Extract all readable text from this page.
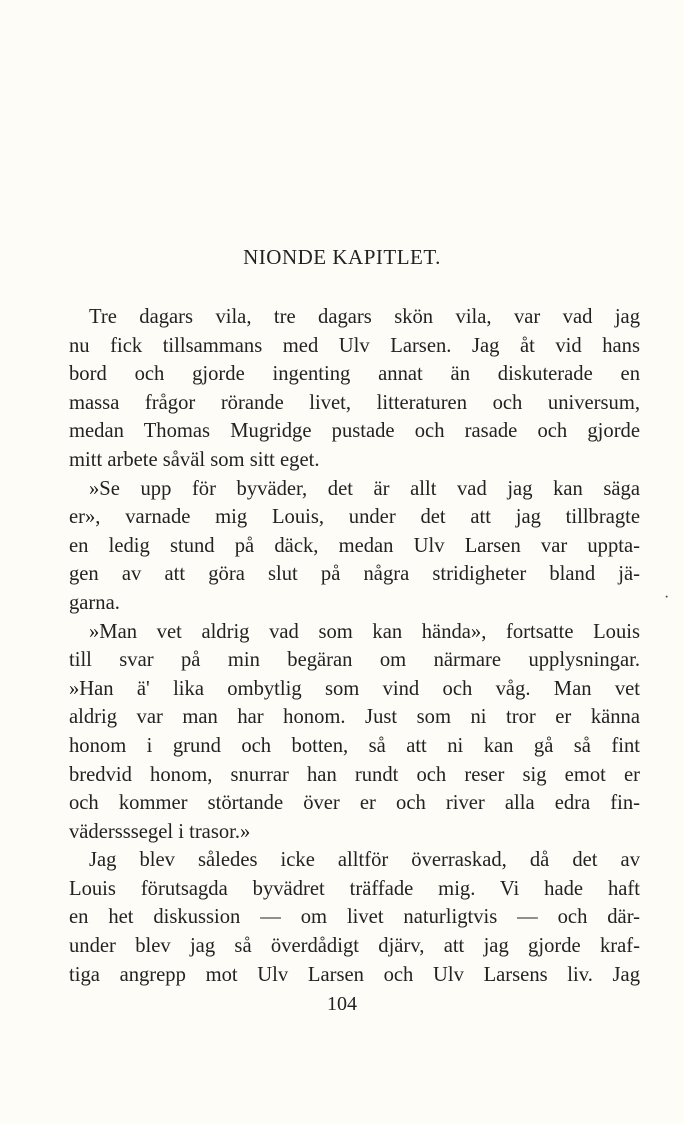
NIONDE KAPITLET.
Tre dagars vila, tre dagars skön vila, var vad jag
nu fick tillsammans med Ulv Larsen. Jag åt vid hans
bord och gjorde ingenting annat än diskuterade en
massa frågor rörande livet, litteraturen och universum,
medan Thomas Mugridge pustade och rasade och gjorde
mitt arbete såväl som sitt eget.
»Se upp för byväder, det är allt vad jag kan säga
er», varnade mig Louis, under det att jag tillbragte
en ledig stund på däck, medan Ulv Larsen var uppta-
gen av att göra slut på några stridigheter bland jä-
garna.
»Man vet aldrig vad som kan hända», fortsatte Louis
till svar på min begäran om närmare upplysningar.
»Han ä' lika ombytlig som vind och våg. Man vet
aldrig var man har honom. Just som ni tror er känna
honom i grund och botten, så att ni kan gå så fint
bredvid honom, snurrar han rundt och reser sig emot er
och kommer störtande över er och river alla edra fin-
vädersssegel i trasor.»
Jag blev således icke alltför överraskad, då det av
Louis förutsagda byvädret träffade mig. Vi hade haft
en het diskussion — om livet naturligtvis — och där-
under blev jag så överdådigt djärv, att jag gjorde kraf-
tiga angrepp mot Ulv Larsen och Ulv Larsens liv. Jag
·
104
